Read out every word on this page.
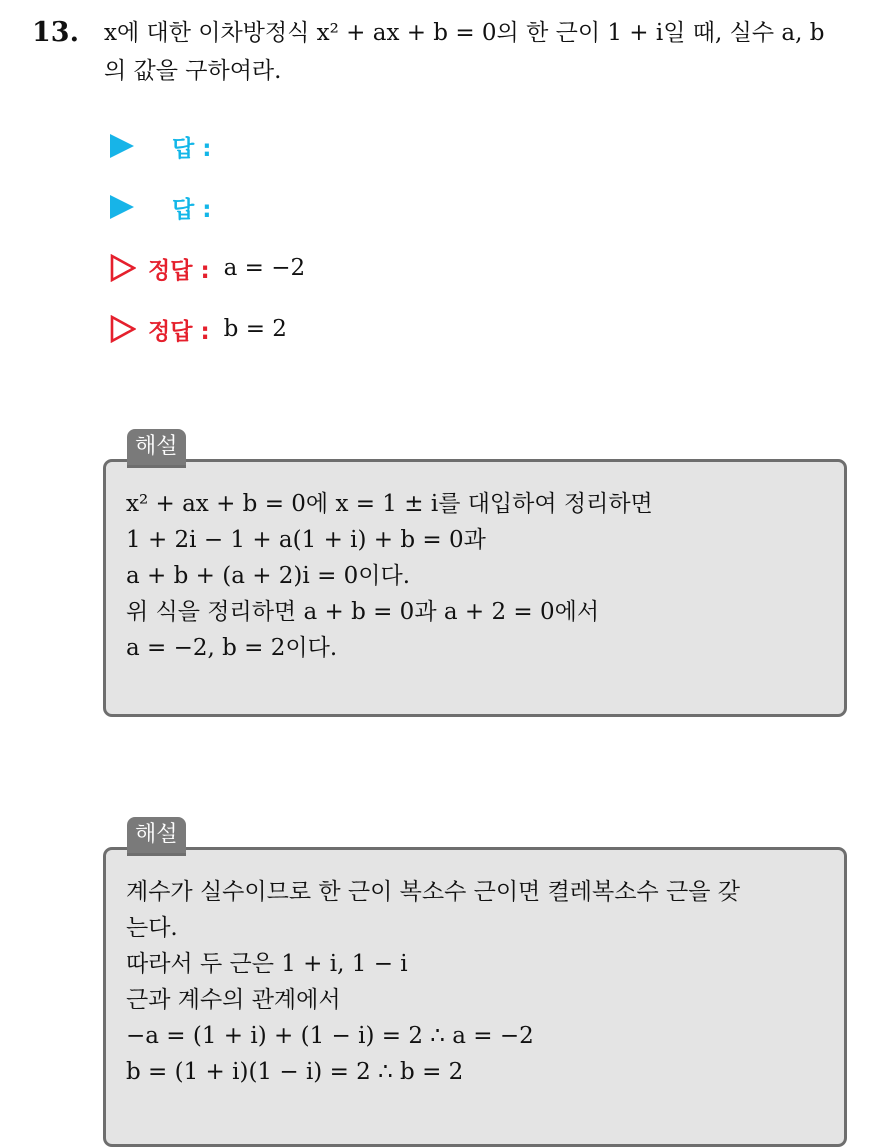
13. x에 대한 이차방정식 x² + ax + b = 0의 한 근이 1 + i일 때, 실수 a, b
의 값을 구하여라.
답 :
답 :
정답 : a = −2
정답 : b = 2
해설
x² + ax + b = 0에 x = 1 ± i를 대입하여 정리하면
1 + 2i − 1 + a(1 + i) + b = 0과
a + b + (a + 2)i = 0이다.
위 식을 정리하면 a + b = 0과 a + 2 = 0에서
a = −2, b = 2이다.
해설
계수가 실수이므로 한 근이 복소수 근이면 켤레복소수 근을 갖
는다.
따라서 두 근은 1 + i, 1 − i
근과 계수의 관계에서
−a = (1 + i) + (1 − i) = 2 ∴ a = −2
b = (1 + i)(1 − i) = 2 ∴ b = 2
